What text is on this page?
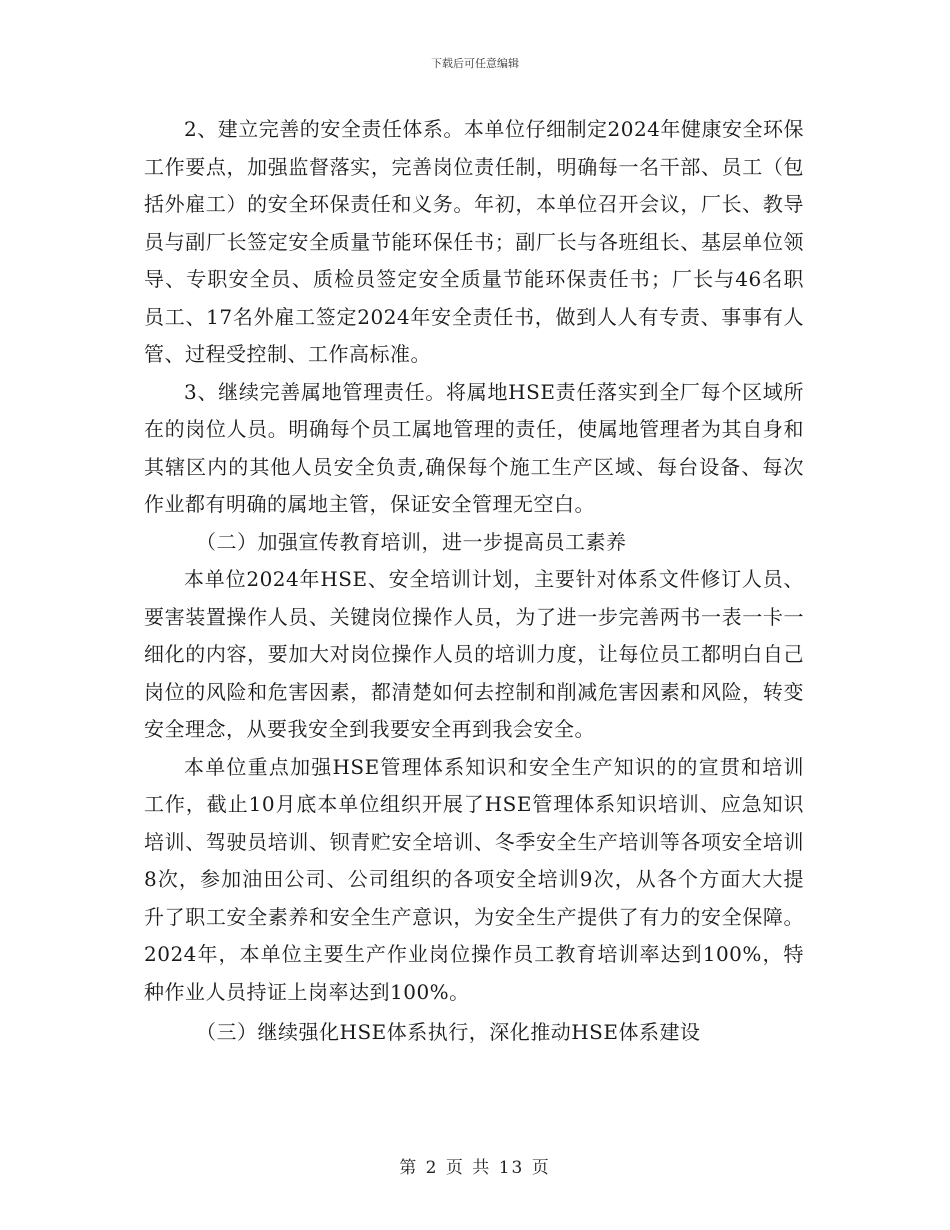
下载后可任意编辑

2、建立完善的安全责任体系。本单位仔细制定2024年健康安全环保工作要点，加强监督落实，完善岗位责任制，明确每一名干部、员工（包括外雇工）的安全环保责任和义务。年初，本单位召开会议，厂长、教导员与副厂长签定安全质量节能环保任书；副厂长与各班组长、基层单位领导、专职安全员、质检员签定安全质量节能环保责任书；厂长与46名职员工、17名外雇工签定2024年安全责任书，做到人人有专责、事事有人管、过程受控制、工作高标准。

3、继续完善属地管理责任。将属地HSE责任落实到全厂每个区域所在的岗位人员。明确每个员工属地管理的责任，使属地管理者为其自身和其辖区内的其他人员安全负责,确保每个施工生产区域、每台设备、每次作业都有明确的属地主管，保证安全管理无空白。

（二）加强宣传教育培训，进一步提高员工素养

本单位2024年HSE、安全培训计划，主要针对体系文件修订人员、要害装置操作人员、关键岗位操作人员，为了进一步完善两书一表一卡一细化的内容，要加大对岗位操作人员的培训力度，让每位员工都明白自己岗位的风险和危害因素，都清楚如何去控制和削减危害因素和风险，转变安全理念，从要我安全到我要安全再到我会安全。

本单位重点加强HSE管理体系知识和安全生产知识的的宣贯和培训工作，截止10月底本单位组织开展了HSE管理体系知识培训、应急知识培训、驾驶员培训、钡青贮安全培训、冬季安全生产培训等各项安全培训8次，参加油田公司、公司组织的各项安全培训9次，从各个方面大大提升了职工安全素养和安全生产意识，为安全生产提供了有力的安全保障。2024年，本单位主要生产作业岗位操作员工教育培训率达到100%，特种作业人员持证上岗率达到100%。

（三）继续强化HSE体系执行，深化推动HSE体系建设

第 2 页 共 13 页
